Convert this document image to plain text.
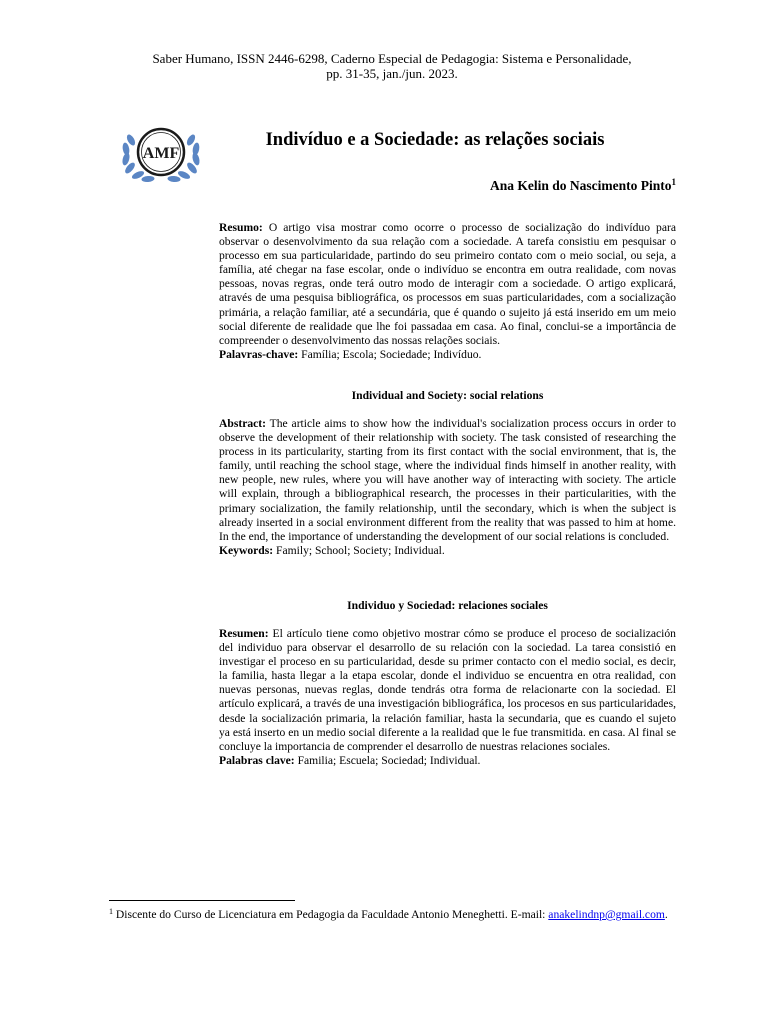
Saber Humano, ISSN 2446-6298, Caderno Especial de Pedagogia: Sistema e Personalidade,
pp. 31-35, jan./jun. 2023.
AMF
Indivíduo e a Sociedade: as relações sociais
Ana Kelin do Nascimento Pinto$^1$

Resumo: O artigo visa mostrar como ocorre o processo de socialização do indivíduo para observar o desenvolvimento da sua relação com a sociedade. A tarefa consistiu em pesquisar o processo em sua particularidade, partindo do seu primeiro contato com o meio social, ou seja, a família, até chegar na fase escolar, onde o indivíduo se encontra em outra realidade, com novas pessoas, novas regras, onde terá outro modo de interagir com a sociedade. O artigo explicará, através de uma pesquisa bibliográfica, os processos em suas particularidades, com a socialização primária, a relação familiar, até a secundária, que é quando o sujeito já está inserido em um meio social diferente de realidade que lhe foi passadaa em casa. Ao final, conclui-se a importância de compreender o desenvolvimento das nossas relações sociais.

Palavras-chave: Família; Escola; Sociedade; Indivíduo.

Individual and Society: social relations

Abstract: The article aims to show how the individual's socialization process occurs in order to observe the development of their relationship with society. The task consisted of researching the process in its particularity, starting from its first contact with the social environment, that is, the family, until reaching the school stage, where the individual finds himself in another reality, with new people, new rules, where you will have another way of interacting with society. The article will explain, through a bibliographical research, the processes in their particularities, with the primary socialization, the family relationship, until the secondary, which is when the subject is already inserted in a social environment different from the reality that was passed to him at home. In the end, the importance of understanding the development of our social relations is concluded.

Keywords: Family; School; Society; Individual.

Individuo y Sociedad: relaciones sociales

Resumen: El artículo tiene como objetivo mostrar cómo se produce el proceso de socialización del individuo para observar el desarrollo de su relación con la sociedad. La tarea consistió en investigar el proceso en su particularidad, desde su primer contacto con el medio social, es decir, la familia, hasta llegar a la etapa escolar, donde el individuo se encuentra en otra realidad, con nuevas personas, nuevas reglas, donde tendrás otra forma de relacionarte con la sociedad. El artículo explicará, a través de una investigación bibliográfica, los procesos en sus particularidades, desde la socialización primaria, la relación familiar, hasta la secundaria, que es cuando el sujeto ya está inserto en un medio social diferente a la realidad que le fue transmitida. en casa. Al final se concluye la importancia de comprender el desarrollo de nuestras relaciones sociales.

Palabras clave: Familia; Escuela; Sociedad; Individual.

$^1$ Discente do Curso de Licenciatura em Pedagogia da Faculdade Antonio Meneghetti. E-mail: anakelindnp@gmail.com.
